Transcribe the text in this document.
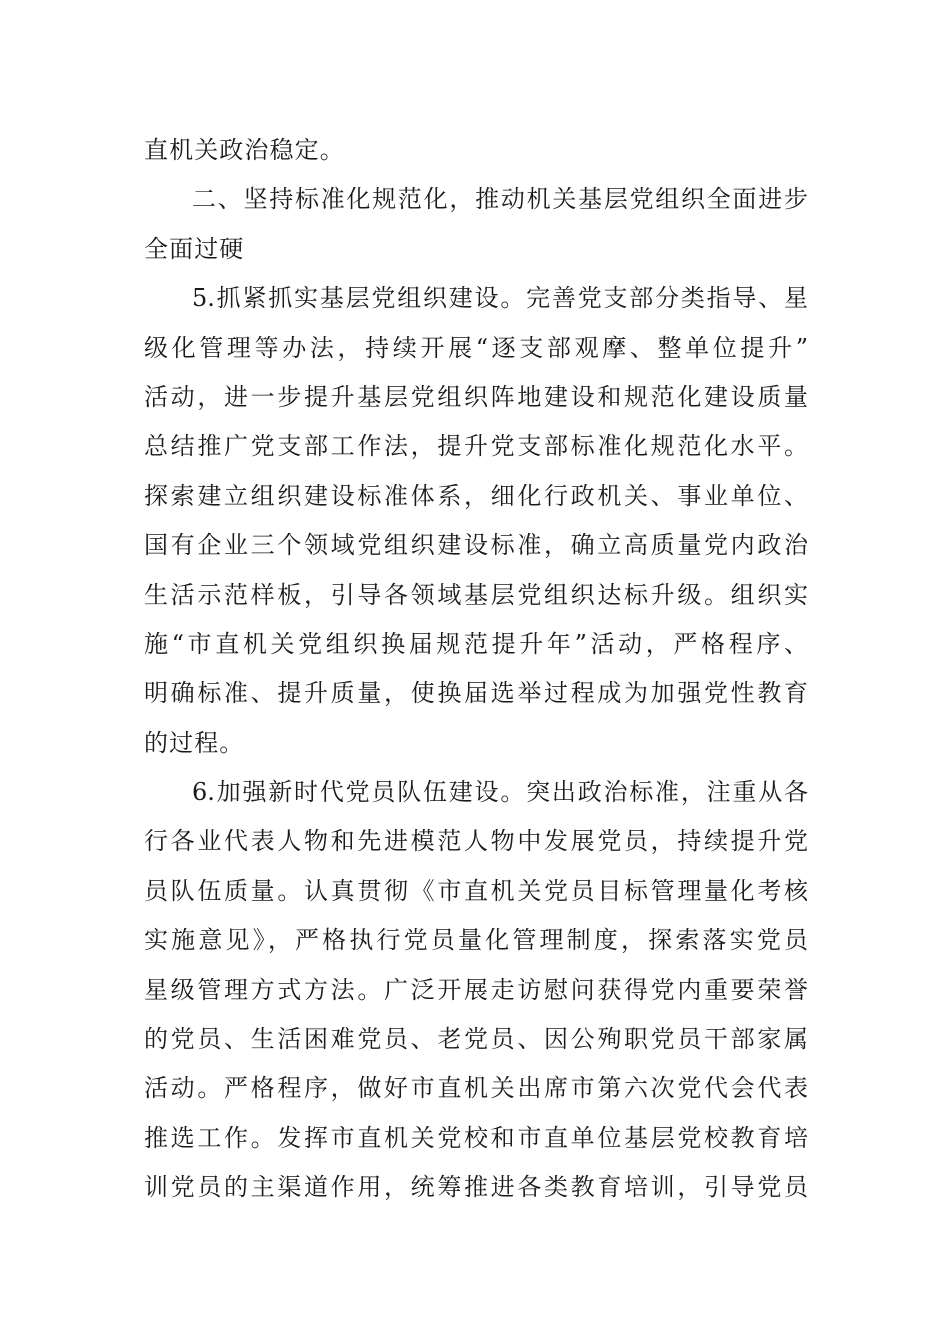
直机关政治稳定。
二、坚持标准化规范化，推动机关基层党组织全面进步
全面过硬
5.抓紧抓实基层党组织建设。完善党支部分类指导、星
级化管理等办法，持续开展“逐支部观摩、整单位提升”
活动，进一步提升基层党组织阵地建设和规范化建设质量
总结推广党支部工作法，提升党支部标准化规范化水平。
探索建立组织建设标准体系，细化行政机关、事业单位、
国有企业三个领域党组织建设标准，确立高质量党内政治
生活示范样板，引导各领域基层党组织达标升级。组织实
施“市直机关党组织换届规范提升年”活动，严格程序、
明确标准、提升质量，使换届选举过程成为加强党性教育
的过程。
6.加强新时代党员队伍建设。突出政治标准，注重从各
行各业代表人物和先进模范人物中发展党员，持续提升党
员队伍质量。认真贯彻《市直机关党员目标管理量化考核
实施意见》，严格执行党员量化管理制度，探索落实党员
星级管理方式方法。广泛开展走访慰问获得党内重要荣誉
的党员、生活困难党员、老党员、因公殉职党员干部家属
活动。严格程序，做好市直机关出席市第六次党代会代表
推选工作。发挥市直机关党校和市直单位基层党校教育培
训党员的主渠道作用，统筹推进各类教育培训，引导党员
